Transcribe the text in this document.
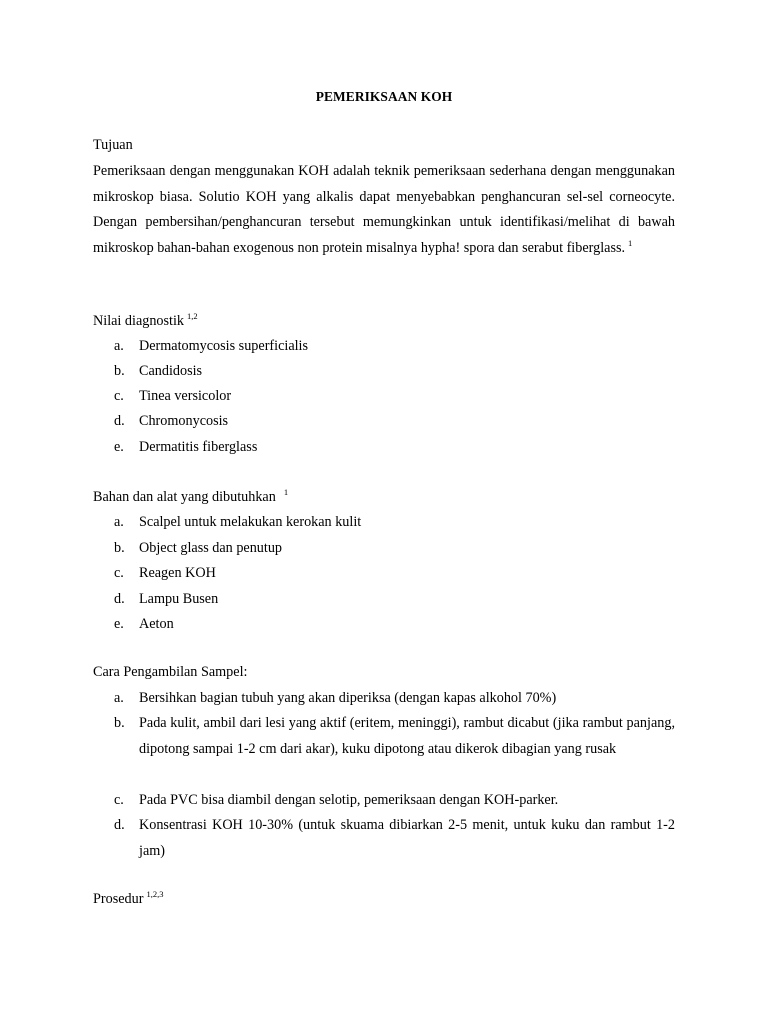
PEMERIKSAAN KOH
Tujuan
Pemeriksaan dengan menggunakan KOH adalah teknik pemeriksaan sederhana dengan menggunakan mikroskop biasa. Solutio KOH yang alkalis dapat menyebabkan penghancuran sel-sel corneocyte. Dengan pembersihan/penghancuran tersebut memungkinkan untuk identifikasi/melihat di bawah mikroskop bahan-bahan exogenous non protein misalnya hypha! spora dan serabut fiberglass. $^1$
Nilai diagnostik $^{1,2}$
a.	Dermatomycosis superficialis
b.	Candidosis
c.	Tinea versicolor
d.	Chromonycosis
e.	Dermatitis fiberglass
Bahan dan alat yang dibutuhkan $^1$
a.	Scalpel untuk melakukan kerokan kulit
b.	Object glass dan penutup
c.	Reagen KOH
d.	Lampu Busen
e.	Aeton
Cara Pengambilan Sampel:
a.	Bersihkan bagian tubuh yang akan diperiksa (dengan kapas alkohol 70%)
b.	Pada kulit, ambil dari lesi yang aktif (eritem, meninggi), rambut dicabut (jika rambut panjang, dipotong sampai 1-2 cm dari akar), kuku dipotong atau dikerok dibagian yang rusak
c.	Pada PVC bisa diambil dengan selotip, pemeriksaan dengan KOH-parker.
d.	Konsentrasi KOH 10-30% (untuk skuama dibiarkan 2-5 menit, untuk kuku dan rambut 1-2 jam)
Prosedur $^{1,2,3}$
